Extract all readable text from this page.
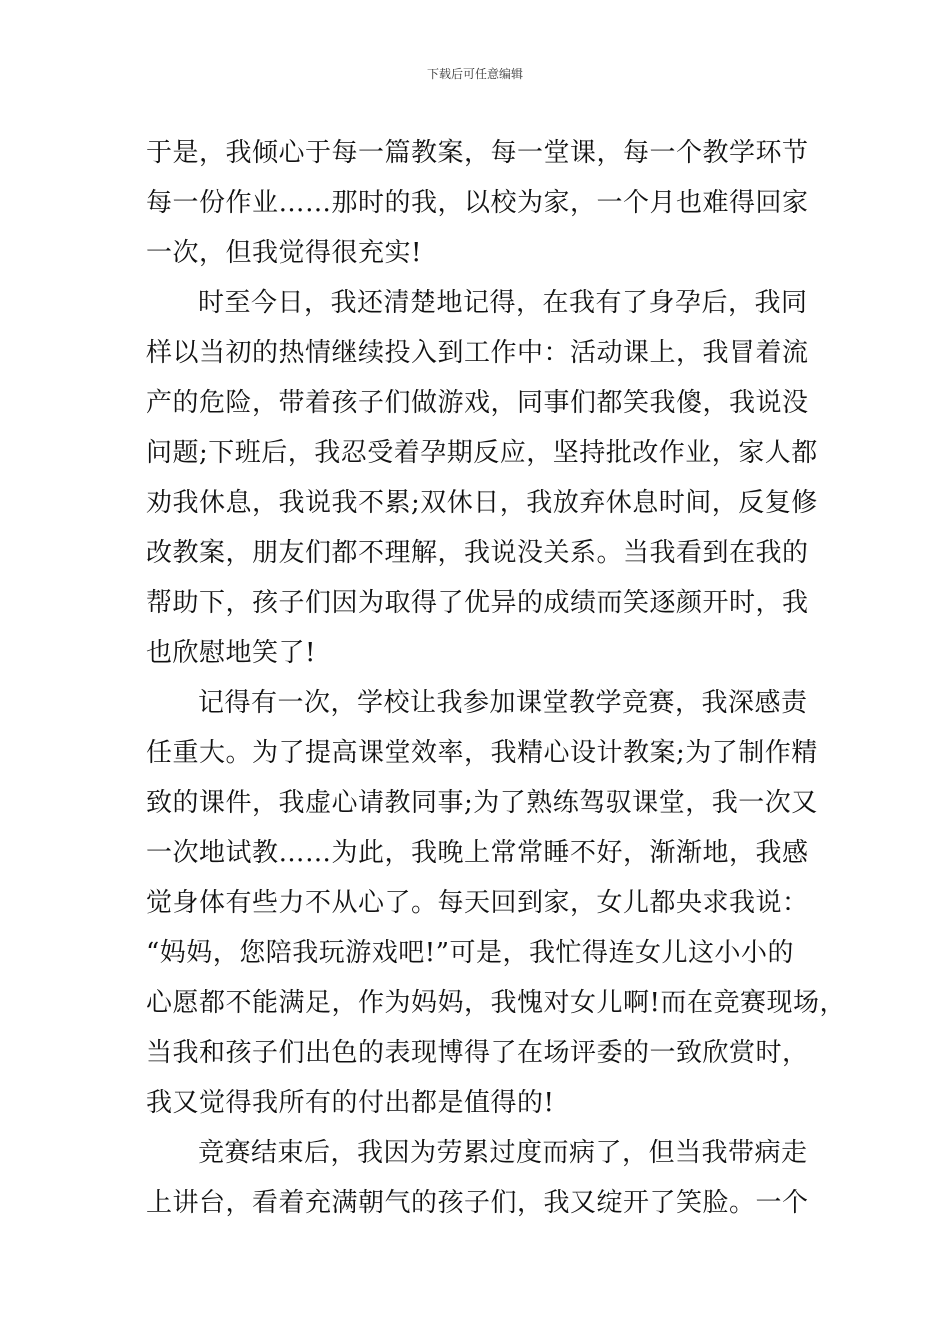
下载后可任意编辑
于是，我倾心于每一篇教案，每一堂课，每一个教学环节
每一份作业……那时的我，以校为家，一个月也难得回家
一次，但我觉得很充实!
时至今日，我还清楚地记得，在我有了身孕后，我同
样以当初的热情继续投入到工作中：活动课上，我冒着流
产的危险，带着孩子们做游戏，同事们都笑我傻，我说没
问题;下班后，我忍受着孕期反应，坚持批改作业，家人都
劝我休息，我说我不累;双休日，我放弃休息时间，反复修
改教案，朋友们都不理解，我说没关系。当我看到在我的
帮助下，孩子们因为取得了优异的成绩而笑逐颜开时，我
也欣慰地笑了!
记得有一次，学校让我参加课堂教学竞赛，我深感责
任重大。为了提高课堂效率，我精心设计教案;为了制作精
致的课件，我虚心请教同事;为了熟练驾驭课堂，我一次又
一次地试教……为此，我晚上常常睡不好，渐渐地，我感
觉身体有些力不从心了。每天回到家，女儿都央求我说：
“妈妈，您陪我玩游戏吧!”可是，我忙得连女儿这小小的
心愿都不能满足，作为妈妈，我愧对女儿啊!而在竞赛现场，
当我和孩子们出色的表现博得了在场评委的一致欣赏时，
我又觉得我所有的付出都是值得的!
竞赛结束后，我因为劳累过度而病了，但当我带病走
上讲台，看着充满朝气的孩子们，我又绽开了笑脸。一个
